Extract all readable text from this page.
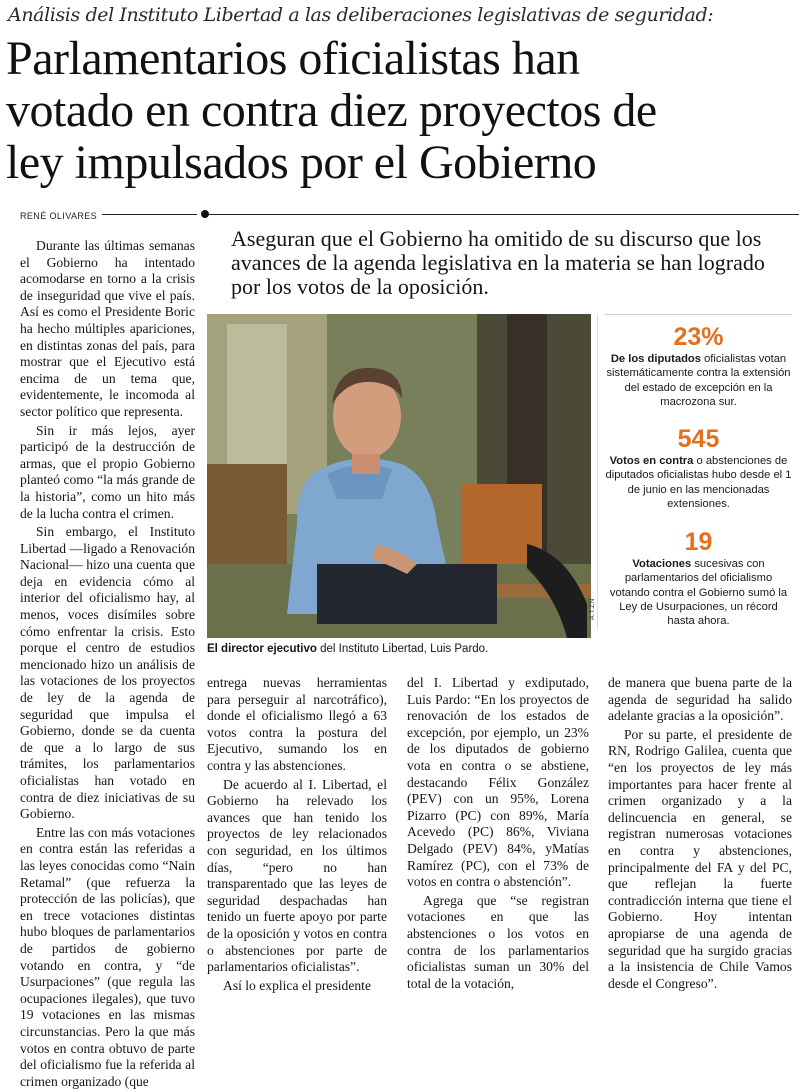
Análisis del Instituto Libertad a las deliberaciones legislativas de seguridad:
Parlamentarios oficialistas han
votado en contra diez proyectos de
ley impulsados por el Gobierno
RENÉ OLIVARES
Aseguran que el Gobierno ha omitido de su discurso que los avances de la agenda legislativa en la materia se han logrado por los votos de la oposición.

Durante las últimas semanas el Gobierno ha intentado acomodarse en torno a la crisis de inseguridad que vive el país. Así es como el Presidente Boric ha hecho múltiples apariciones, en distintas zonas del país, para mostrar que el Ejecutivo está encima de un tema que, evidentemente, le incomoda al sector político que representa.

Sin ir más lejos, ayer participó de la destrucción de armas, que el propio Gobierno planteó como “la más grande de la historia”, como un hito más de la lucha contra el crimen.

Sin embargo, el Instituto Libertad —ligado a Renovación Nacional— hizo una cuenta que deja en evidencia cómo al interior del oficialismo hay, al menos, voces disímiles sobre cómo enfrentar la crisis. Esto porque el centro de estudios mencionado hizo un análisis de las votaciones de los proyectos de ley de la agenda de seguridad que impulsa el Gobierno, donde se da cuenta de que a lo largo de sus trámites, los parlamentarios oficialistas han votado en contra de diez iniciativas de su Gobierno.

Entre las con más votaciones en contra están las referidas a las leyes conocidas como “Nain Retamal” (que refuerza la protección de las policías), que en trece votaciones distintas hubo bloques de parlamentarios de partidos de gobierno votando en contra, y “de Usurpaciones” (que regula las ocupaciones ilegales), que tuvo 19 votaciones en las mismas circunstancias. Pero la que más votos en contra obtuvo de parte del oficialismo fue la referida al crimen organizado (que

A.T.ZN
23%
De los diputados oficialistas votan sistemáticamente contra la extensión del estado de excepción en la macrozona sur.
545
Votos en contra o abstenciones de diputados oficialistas hubo desde el 1 de junio en las mencionadas extensiones.
19
Votaciones sucesivas con parlamentarios del oficialismo votando contra el Gobierno sumó la Ley de Usurpaciones, un récord hasta ahora.
El director ejecutivo del Instituto Libertad, Luis Pardo.

entrega nuevas herramientas para perseguir al narcotráfico), donde el oficialismo llegó a 63 votos contra la postura del Ejecutivo, sumando los en contra y las abstenciones.

De acuerdo al I. Libertad, el Gobierno ha relevado los avances que han tenido los proyectos de ley relacionados con seguridad, en los últimos días, “pero no han transparentado que las leyes de seguridad despachadas han tenido un fuerte apoyo por parte de la oposición y votos en contra o abstenciones por parte de parlamentarios oficialistas”.

Así lo explica el presidente

del I. Libertad y exdiputado, Luis Pardo: “En los proyectos de renovación de los estados de excepción, por ejemplo, un 23% de los diputados de gobierno vota en contra o se abstiene, destacando Félix González (PEV) con un 95%, Lorena Pizarro (PC) con 89%, María Acevedo (PC) 86%, Viviana Delgado (PEV) 84%, yMatías Ramírez (PC), con el 73% de votos en contra o abstención”.

Agrega que “se registran votaciones en que las abstenciones o los votos en contra de los parlamentarios oficialistas suman un 30% del total de la votación,

de manera que buena parte de la agenda de seguridad ha salido adelante gracias a la oposición”.

Por su parte, el presidente de RN, Rodrigo Galilea, cuenta que “en los proyectos de ley más importantes para hacer frente al crimen organizado y a la delincuencia en general, se registran numerosas votaciones en contra y abstenciones, principalmente del FA y del PC, que reflejan la fuerte contradicción interna que tiene el Gobierno. Hoy intentan apropiarse de una agenda de seguridad que ha surgido gracias a la insistencia de Chile Vamos desde el Congreso”.
